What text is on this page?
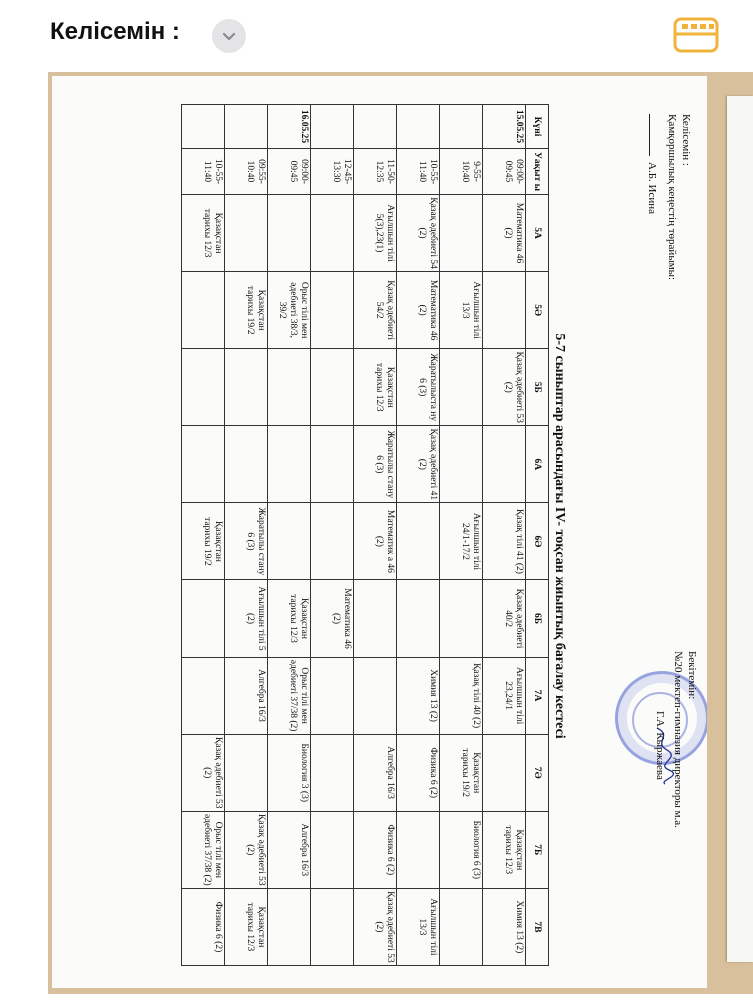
Келісемін :
Келісемін :
Қамқоршылық кеңестің төрайымы:
А.Б. Исина
Бекітемін:
№20 мектеп-гимназия директоры м.а.
Г.А. Кыржаева
5-7 сыныптар арасындағы IV- тоқсан жиынтық бағалау кестесі
Күні	Уақыт ы	5А	5Ә	5Б	6А	6Ә	6Б	7А	7Ә	7Б	7В
15.05.25	09:00-09:45	Математика 46 (2)		Қазақ әдебиеті 53 (2)		Қазақ тілі 41 (2)	Қазақ әдебиеті 40/2	Ағылшын тілі 23,24/1		Қазақстан тарихы 12/3	Химия 13 (2)
	9-55-10:40		Ағылшын тілі 13/3			Ағылшын тілі 24/1-17/2		Қазақ тілі 40 (2)	Қазақстан тарихы 19/2	Биология 6 (3)	
	10-55-11:40	Қазақ әдебиеті 54 (2)	Математика 46 (2)	Жаратылыста ну 6 (3)	Қазақ әдебиеті 41 (2)			Химия 13 (2)	Физика 6 (2)		Ағылшын тілі 13/3
	11-50-12:35	Ағылшын тілі 5(3),23(1)	Қазақ әдебиеті 54/2	Қазақстан тарихы 12/3	Жаратылы стану 6 (3)	Математик а 46 (2)			Алгебра 16/3	Физика 6 (2)	Қазақ әдебиеті 53 (2)
	12-45-13:30						Математика 46 (2)				
16.05.25	09:00-09:45		Орыс тілі мен әдебиеті 38/3, 39/2				Қазақстан тарихы 12/3	Орыс тілі мен әдебиеті 37/38 (2)	Биология 3 (3)	Алгебра 16/3	
	09:55-10:40		Қазақстан тарихы 19/2			Жаратылы стану 6 (3)	Ағылшын тілі 5 (2)	Алгебра 16/3		Қазақ әдебиеті 53 (2)	Қазақстан тарихы 12/3
	10-55-11:40	Қазақстан тарихы 12/3				Қазақстан тарихы 19/2			Қазақ әдебиеті 53 (2)	Орыс тілі мен әдебиеті 37/38 (2)	Физика 6 (2)
